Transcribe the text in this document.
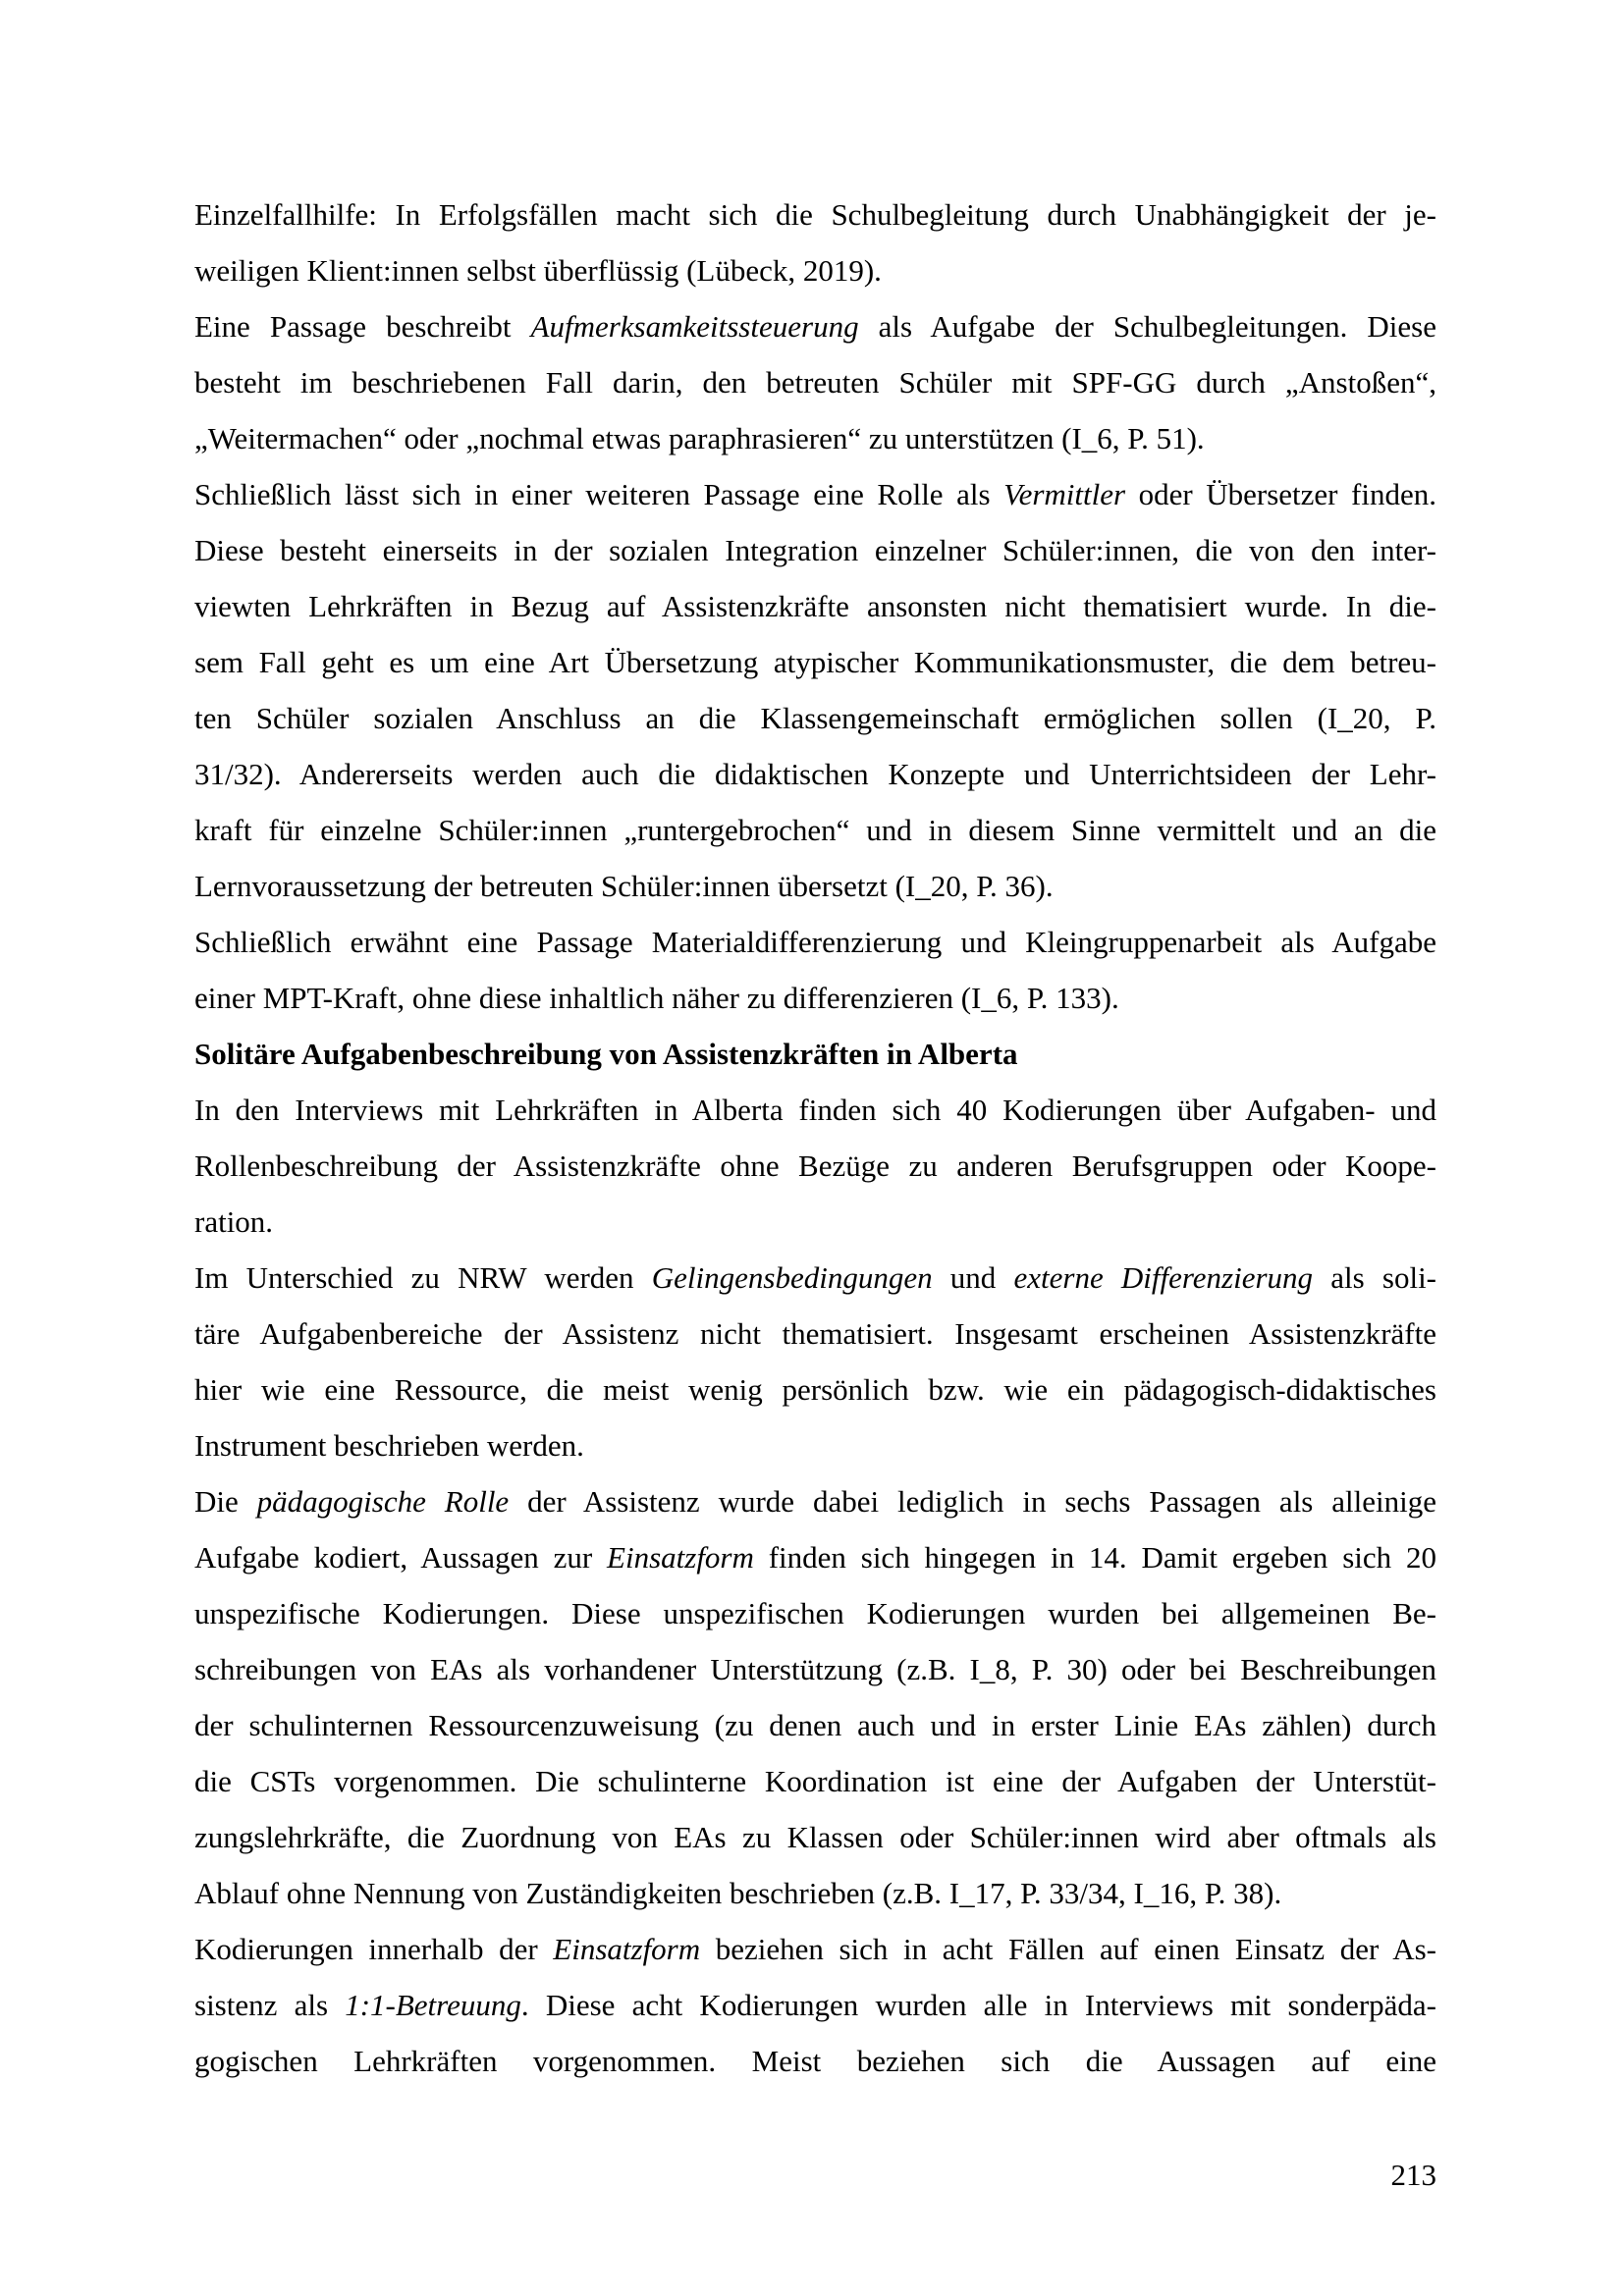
Einzelfallhilfe: In Erfolgsfällen macht sich die Schulbegleitung durch Unabhängigkeit der je-
weiligen Klient:innen selbst überflüssig (Lübeck, 2019).

Eine Passage beschreibt Aufmerksamkeitssteuerung als Aufgabe der Schulbegleitungen. Diese
besteht im beschriebenen Fall darin, den betreuten Schüler mit SPF-GG durch „Anstoßen“,
„Weitermachen“ oder „nochmal etwas paraphrasieren“ zu unterstützen (I_6, P. 51).

Schließlich lässt sich in einer weiteren Passage eine Rolle als Vermittler oder Übersetzer finden.
Diese besteht einerseits in der sozialen Integration einzelner Schüler:innen, die von den inter-
viewten Lehrkräften in Bezug auf Assistenzkräfte ansonsten nicht thematisiert wurde. In die-
sem Fall geht es um eine Art Übersetzung atypischer Kommunikationsmuster, die dem betreu-
ten Schüler sozialen Anschluss an die Klassengemeinschaft ermöglichen sollen (I_20, P.
31/32). Andererseits werden auch die didaktischen Konzepte und Unterrichtsideen der Lehr-
kraft für einzelne Schüler:innen „runtergebrochen“ und in diesem Sinne vermittelt und an die
Lernvoraussetzung der betreuten Schüler:innen übersetzt (I_20, P. 36).

Schließlich erwähnt eine Passage Materialdifferenzierung und Kleingruppenarbeit als Aufgabe
einer MPT-Kraft, ohne diese inhaltlich näher zu differenzieren (I_6, P. 133).

Solitäre Aufgabenbeschreibung von Assistenzkräften in Alberta

In den Interviews mit Lehrkräften in Alberta finden sich 40 Kodierungen über Aufgaben- und
Rollenbeschreibung der Assistenzkräfte ohne Bezüge zu anderen Berufsgruppen oder Koope-
ration.

Im Unterschied zu NRW werden Gelingensbedingungen und externe Differenzierung als soli-
täre Aufgabenbereiche der Assistenz nicht thematisiert. Insgesamt erscheinen Assistenzkräfte
hier wie eine Ressource, die meist wenig persönlich bzw. wie ein pädagogisch-didaktisches
Instrument beschrieben werden.

Die pädagogische Rolle der Assistenz wurde dabei lediglich in sechs Passagen als alleinige
Aufgabe kodiert, Aussagen zur Einsatzform finden sich hingegen in 14. Damit ergeben sich 20
unspezifische Kodierungen. Diese unspezifischen Kodierungen wurden bei allgemeinen Be-
schreibungen von EAs als vorhandener Unterstützung (z.B. I_8, P. 30) oder bei Beschreibungen
der schulinternen Ressourcenzuweisung (zu denen auch und in erster Linie EAs zählen) durch
die CSTs vorgenommen. Die schulinterne Koordination ist eine der Aufgaben der Unterstüt-
zungslehrkräfte, die Zuordnung von EAs zu Klassen oder Schüler:innen wird aber oftmals als
Ablauf ohne Nennung von Zuständigkeiten beschrieben (z.B. I_17, P. 33/34, I_16, P. 38).

Kodierungen innerhalb der Einsatzform beziehen sich in acht Fällen auf einen Einsatz der As-
sistenz als 1:1-Betreuung. Diese acht Kodierungen wurden alle in Interviews mit sonderpäda-
gogischen Lehrkräften vorgenommen. Meist beziehen sich die Aussagen auf eine

213
